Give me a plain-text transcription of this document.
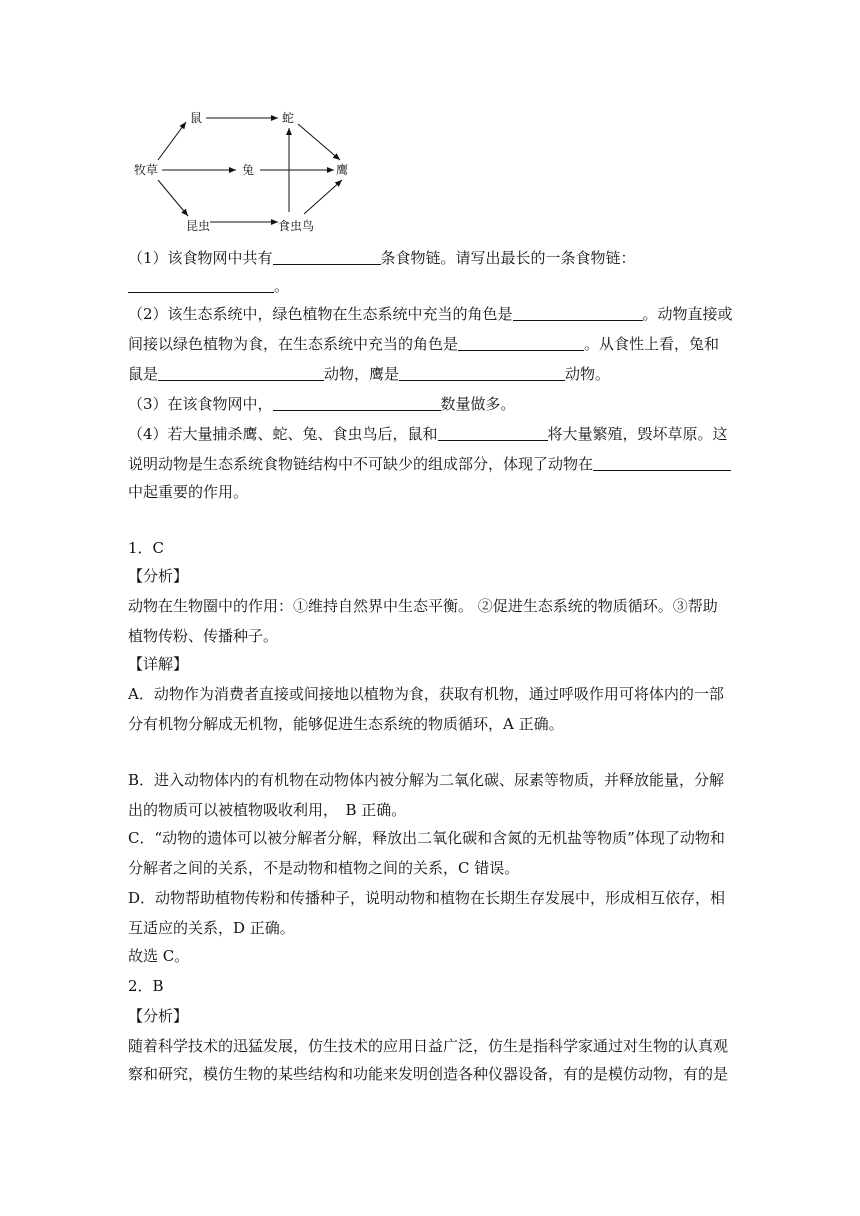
牧草
鼠
兔
昆虫
蛇
食虫鸟
鹰
（1）该食物网中共有	条食物链。请写出最长的一条食物链：
。
（2）该生态系统中，绿色植物在生态系统中充当的角色是	。动物直接或
间接以绿色植物为食，在生态系统中充当的角色是	。从食性上看，兔和
鼠是	动物，鹰是	动物。
（3）在该食物网中，	数量做多。
（4）若大量捕杀鹰、蛇、兔、食虫鸟后，鼠和	将大量繁殖，毁坏草原。这
说明动物是生态系统食物链结构中不可缺少的组成部分，体现了动物在
中起重要的作用。
1．C
【分析】
动物在生物圈中的作用：①维持自然界中生态平衡。 ②促进生态系统的物质循环。③帮助
植物传粉、传播种子。
【详解】
A．动物作为消费者直接或间接地以植物为食，获取有机物，通过呼吸作用可将体内的一部
分有机物分解成无机物，能够促进生态系统的物质循环，A 正确。
B．进入动物体内的有机物在动物体内被分解为二氧化碳、尿素等物质，并释放能量，分解
出的物质可以被植物吸收利用，　B 正确。
C．“动物的遗体可以被分解者分解，释放出二氧化碳和含氮的无机盐等物质”体现了动物和
分解者之间的关系，不是动物和植物之间的关系，C 错误。
D．动物帮助植物传粉和传播种子，说明动物和植物在长期生存发展中，形成相互依存，相
互适应的关系，D 正确。
故选 C。
2．B
【分析】
随着科学技术的迅猛发展，仿生技术的应用日益广泛，仿生是指科学家通过对生物的认真观
察和研究，模仿生物的某些结构和功能来发明创造各种仪器设备，有的是模仿动物，有的是
